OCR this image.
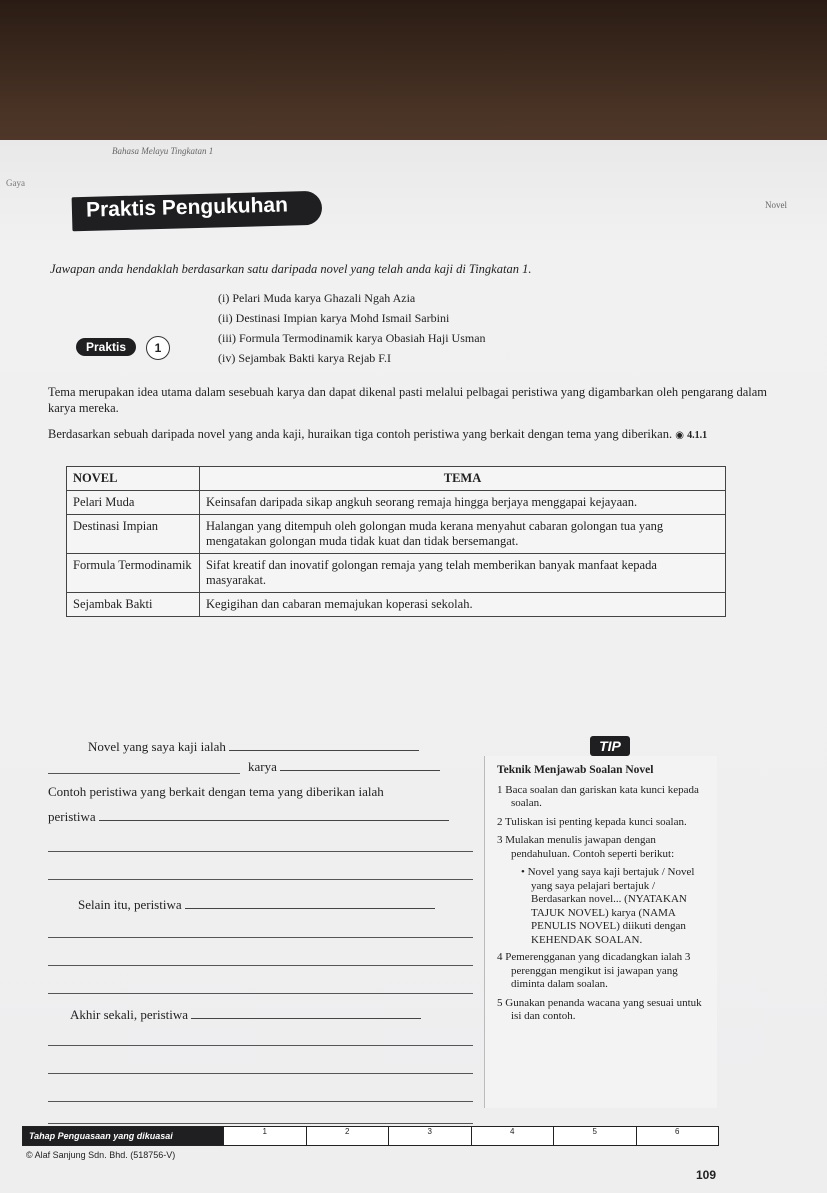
Bahasa Melayu Tingkatan 1
Gaya
Novel
Praktis Pengukuhan
Jawapan anda hendaklah berdasarkan satu daripada novel yang telah anda kaji di Tingkatan 1.
(i) Pelari Muda karya Ghazali Ngah Azia
(ii) Destinasi Impian karya Mohd Ismail Sarbini
(iii) Formula Termodinamik karya Obasiah Haji Usman
(iv) Sejambak Bakti karya Rejab F.I
Praktis	1
Tema merupakan idea utama dalam sesebuah karya dan dapat dikenal pasti melalui pelbagai peristiwa yang digambarkan oleh pengarang dalam karya mereka.
Berdasarkan sebuah daripada novel yang anda kaji, huraikan tiga contoh peristiwa yang berkait dengan tema yang diberikan. ◉ 4.1.1
NOVEL	TEMA
Pelari Muda	Keinsafan daripada sikap angkuh seorang remaja hingga berjaya menggapai kejayaan.
Destinasi Impian	Halangan yang ditempuh oleh golongan muda kerana menyahut cabaran golongan tua yang mengatakan golongan muda tidak kuat dan tidak bersemangat.
Formula Termodinamik	Sifat kreatif dan inovatif golongan remaja yang telah memberikan banyak manfaat kepada masyarakat.
Sejambak Bakti	Kegigihan dan cabaran memajukan koperasi sekolah.
Novel yang saya kaji ialah
karya
Contoh peristiwa yang berkait dengan tema yang diberikan ialah
peristiwa
Selain itu, peristiwa
Akhir sekali, peristiwa
TIP
Teknik Menjawab Soalan Novel
1 Baca soalan dan gariskan kata kunci kepada soalan.
2 Tuliskan isi penting kepada kunci soalan.
3 Mulakan menulis jawapan dengan pendahuluan. Contoh seperti berikut:
• Novel yang saya kaji bertajuk / Novel yang saya pelajari bertajuk / Berdasarkan novel... (NYATAKAN TAJUK NOVEL) karya (NAMA PENULIS NOVEL) diikuti dengan KEHENDAK SOALAN.
4 Pemerengganan yang dicadangkan ialah 3 perenggan mengikut isi jawapan yang diminta dalam soalan.
5 Gunakan penanda wacana yang sesuai untuk isi dan contoh.
Tahap Penguasaan yang dikuasai	1	2	3	4	5	6
© Alaf Sanjung Sdn. Bhd. (518756-V)
109
